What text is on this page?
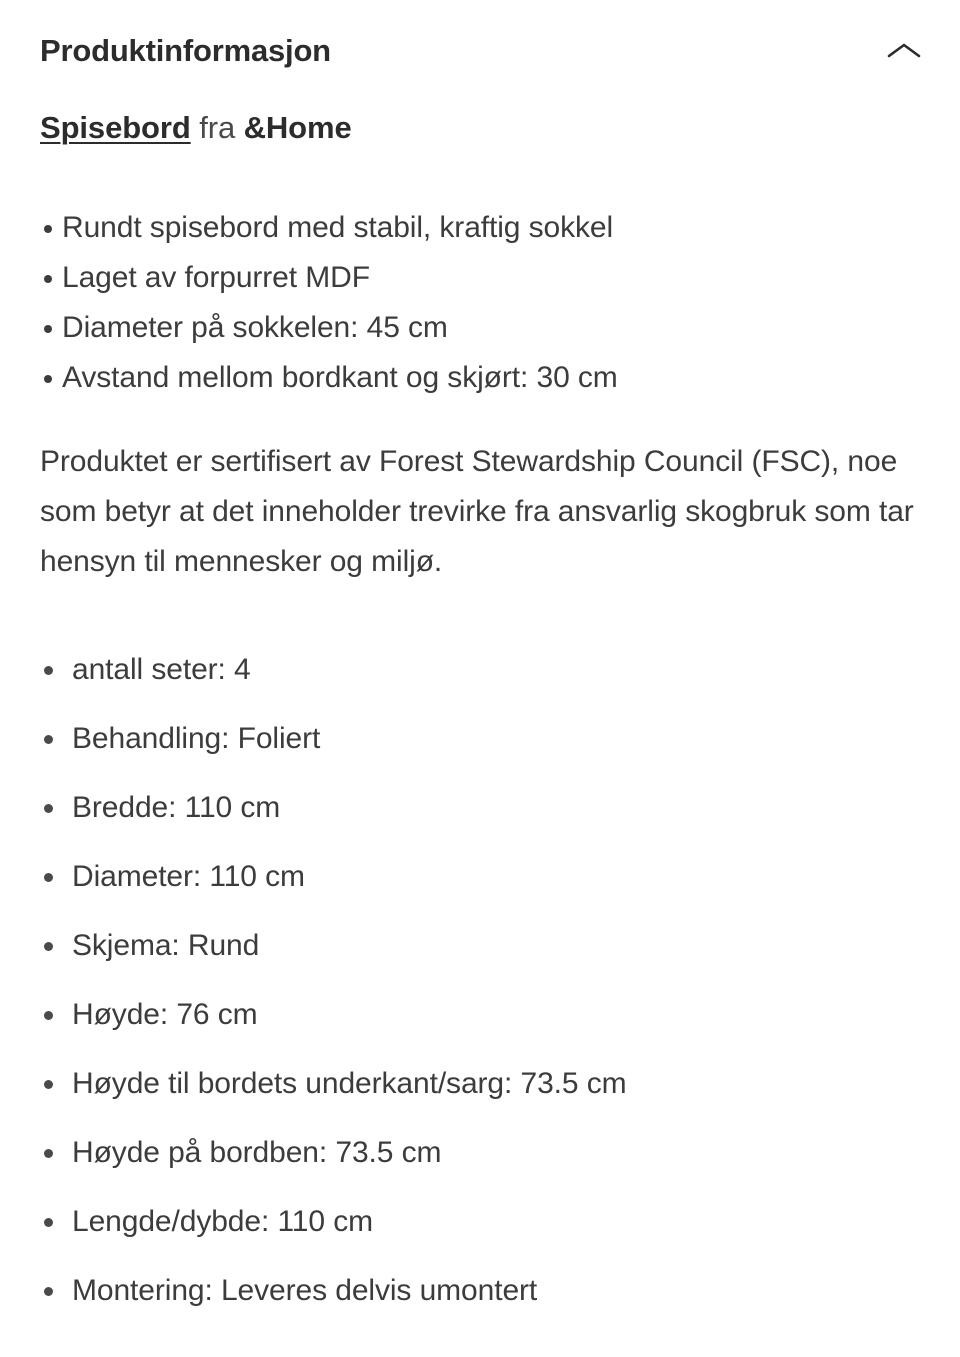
Produktinformasjon
Spisebord fra &Home
Rundt spisebord med stabil, kraftig sokkel
Laget av forpurret MDF
Diameter på sokkelen: 45 cm
Avstand mellom bordkant og skjørt: 30 cm

Produktet er sertifisert av Forest Stewardship Council (FSC), noe som betyr at det inneholder trevirke fra ansvarlig skogbruk som tar hensyn til mennesker og miljø.

antall seter: 4
Behandling: Foliert
Bredde: 110 cm
Diameter: 110 cm
Skjema: Rund
Høyde: 76 cm
Høyde til bordets underkant/sarg: 73.5 cm
Høyde på bordben: 73.5 cm
Lengde/dybde: 110 cm
Montering: Leveres delvis umontert
